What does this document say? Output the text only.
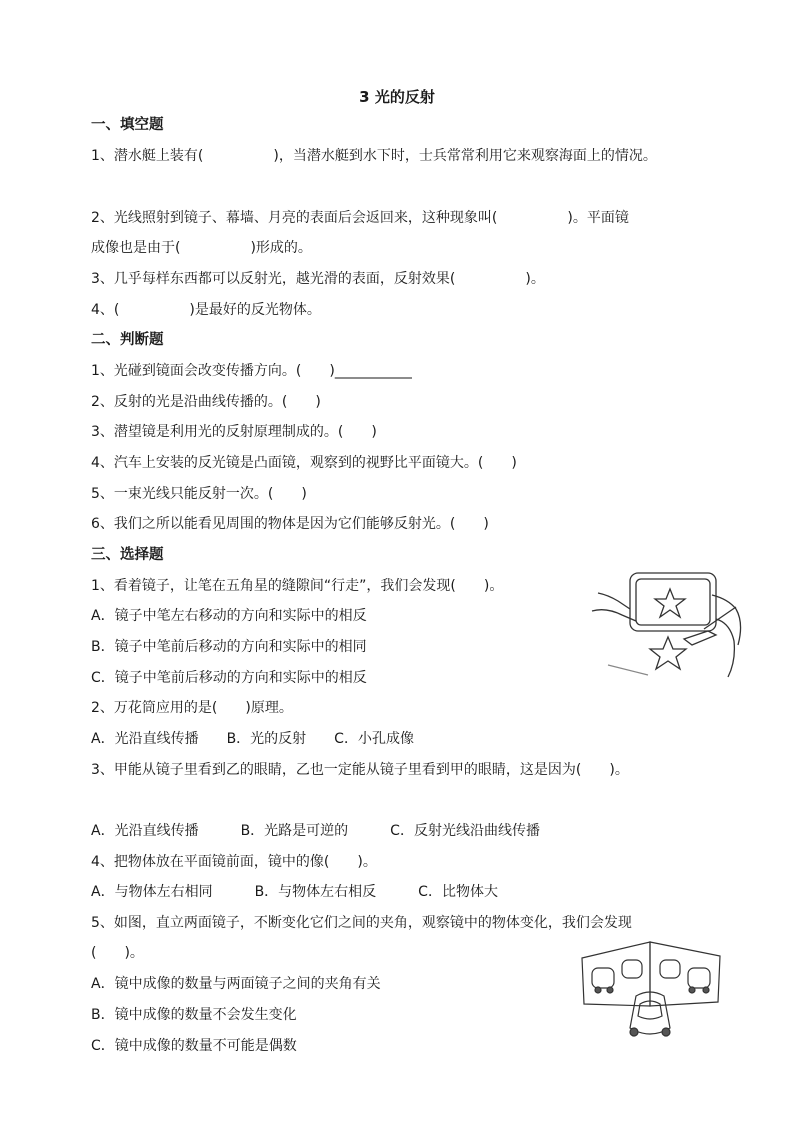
3 光的反射
一、填空题
1、潜水艇上装有(　　　　　)，当潜水艇到水下时，士兵常常利用它来观察海面上的情况。
2、光线照射到镜子、幕墙、月亮的表面后会返回来，这种现象叫(　　　　　)。平面镜
成像也是由于(　　　　　)形成的。
3、几乎每样东西都可以反射光，越光滑的表面，反射效果(　　　　　)。
4、(　　　　　)是最好的反光物体。
二、判断题
1、光碰到镜面会改变传播方向。(　　)___________
2、反射的光是沿曲线传播的。(　　)
3、潜望镜是利用光的反射原理制成的。(　　)
4、汽车上安装的反光镜是凸面镜，观察到的视野比平面镜大。(　　)
5、一束光线只能反射一次。(　　)
6、我们之所以能看见周围的物体是因为它们能够反射光。(　　)
三、选择题
1、看着镜子，让笔在五角星的缝隙间“行走”，我们会发现(　　)。
A．镜子中笔左右移动的方向和实际中的相反
B．镜子中笔前后移动的方向和实际中的相同
C．镜子中笔前后移动的方向和实际中的相反
2、万花筒应用的是(　　)原理。
A．光沿直线传播　　B．光的反射　　C．小孔成像
3、甲能从镜子里看到乙的眼睛，乙也一定能从镜子里看到甲的眼睛，这是因为(　　)。
A．光沿直线传播　　　B．光路是可逆的　　　C．反射光线沿曲线传播
4、把物体放在平面镜前面，镜中的像(　　)。
A．与物体左右相同　　　B．与物体左右相反　　　C．比物体大
5、如图，直立两面镜子，不断变化它们之间的夹角，观察镜中的物体变化，我们会发现
(　　)。
A．镜中成像的数量与两面镜子之间的夹角有关
B．镜中成像的数量不会发生变化
C．镜中成像的数量不可能是偶数
